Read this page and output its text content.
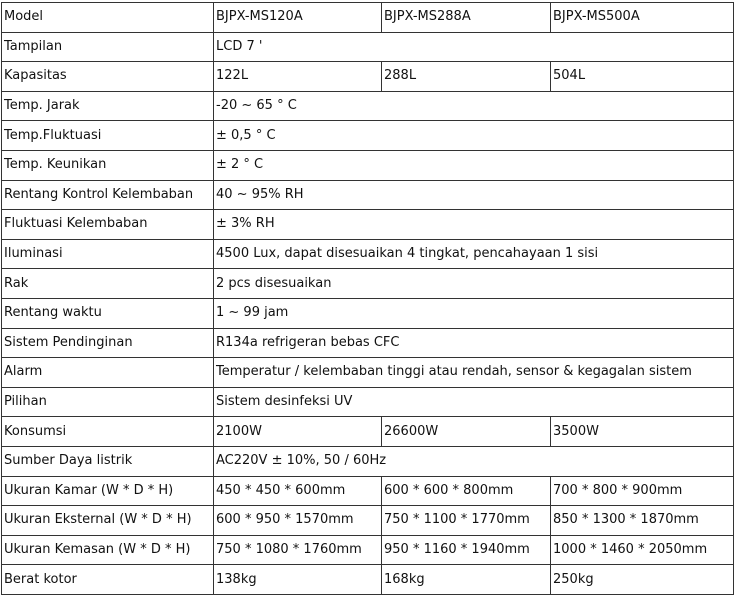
Model	BJPX-MS120A	BJPX-MS288A	BJPX-MS500A
Tampilan	LCD 7 '		
Kapasitas	122L	288L	504L
Temp. Jarak	-20 ~ 65 ° C		
Temp.Fluktuasi	± 0,5 ° C		
Temp. Keunikan	± 2 ° C		
Rentang Kontrol Kelembaban	40 ~ 95% RH		
Fluktuasi Kelembaban	± 3% RH		
Iluminasi	4500 Lux, dapat disesuaikan 4 tingkat, pencahayaan 1 sisi		
Rak	2 pcs disesuaikan		
Rentang waktu	1 ~ 99 jam		
Sistem Pendinginan	R134a refrigeran bebas CFC		
Alarm	Temperatur / kelembaban tinggi atau rendah, sensor & kegagalan sistem		
Pilihan	Sistem desinfeksi UV		
Konsumsi	2100W	26600W	3500W
Sumber Daya listrik	AC220V ± 10%, 50 / 60Hz		
Ukuran Kamar (W * D * H)	450 * 450 * 600mm	600 * 600 * 800mm	700 * 800 * 900mm
Ukuran Eksternal (W * D * H)	600 * 950 * 1570mm	750 * 1100 * 1770mm	850 * 1300 * 1870mm
Ukuran Kemasan (W * D * H)	750 * 1080 * 1760mm	950 * 1160 * 1940mm	1000 * 1460 * 2050mm
Berat kotor	138kg	168kg	250kg
